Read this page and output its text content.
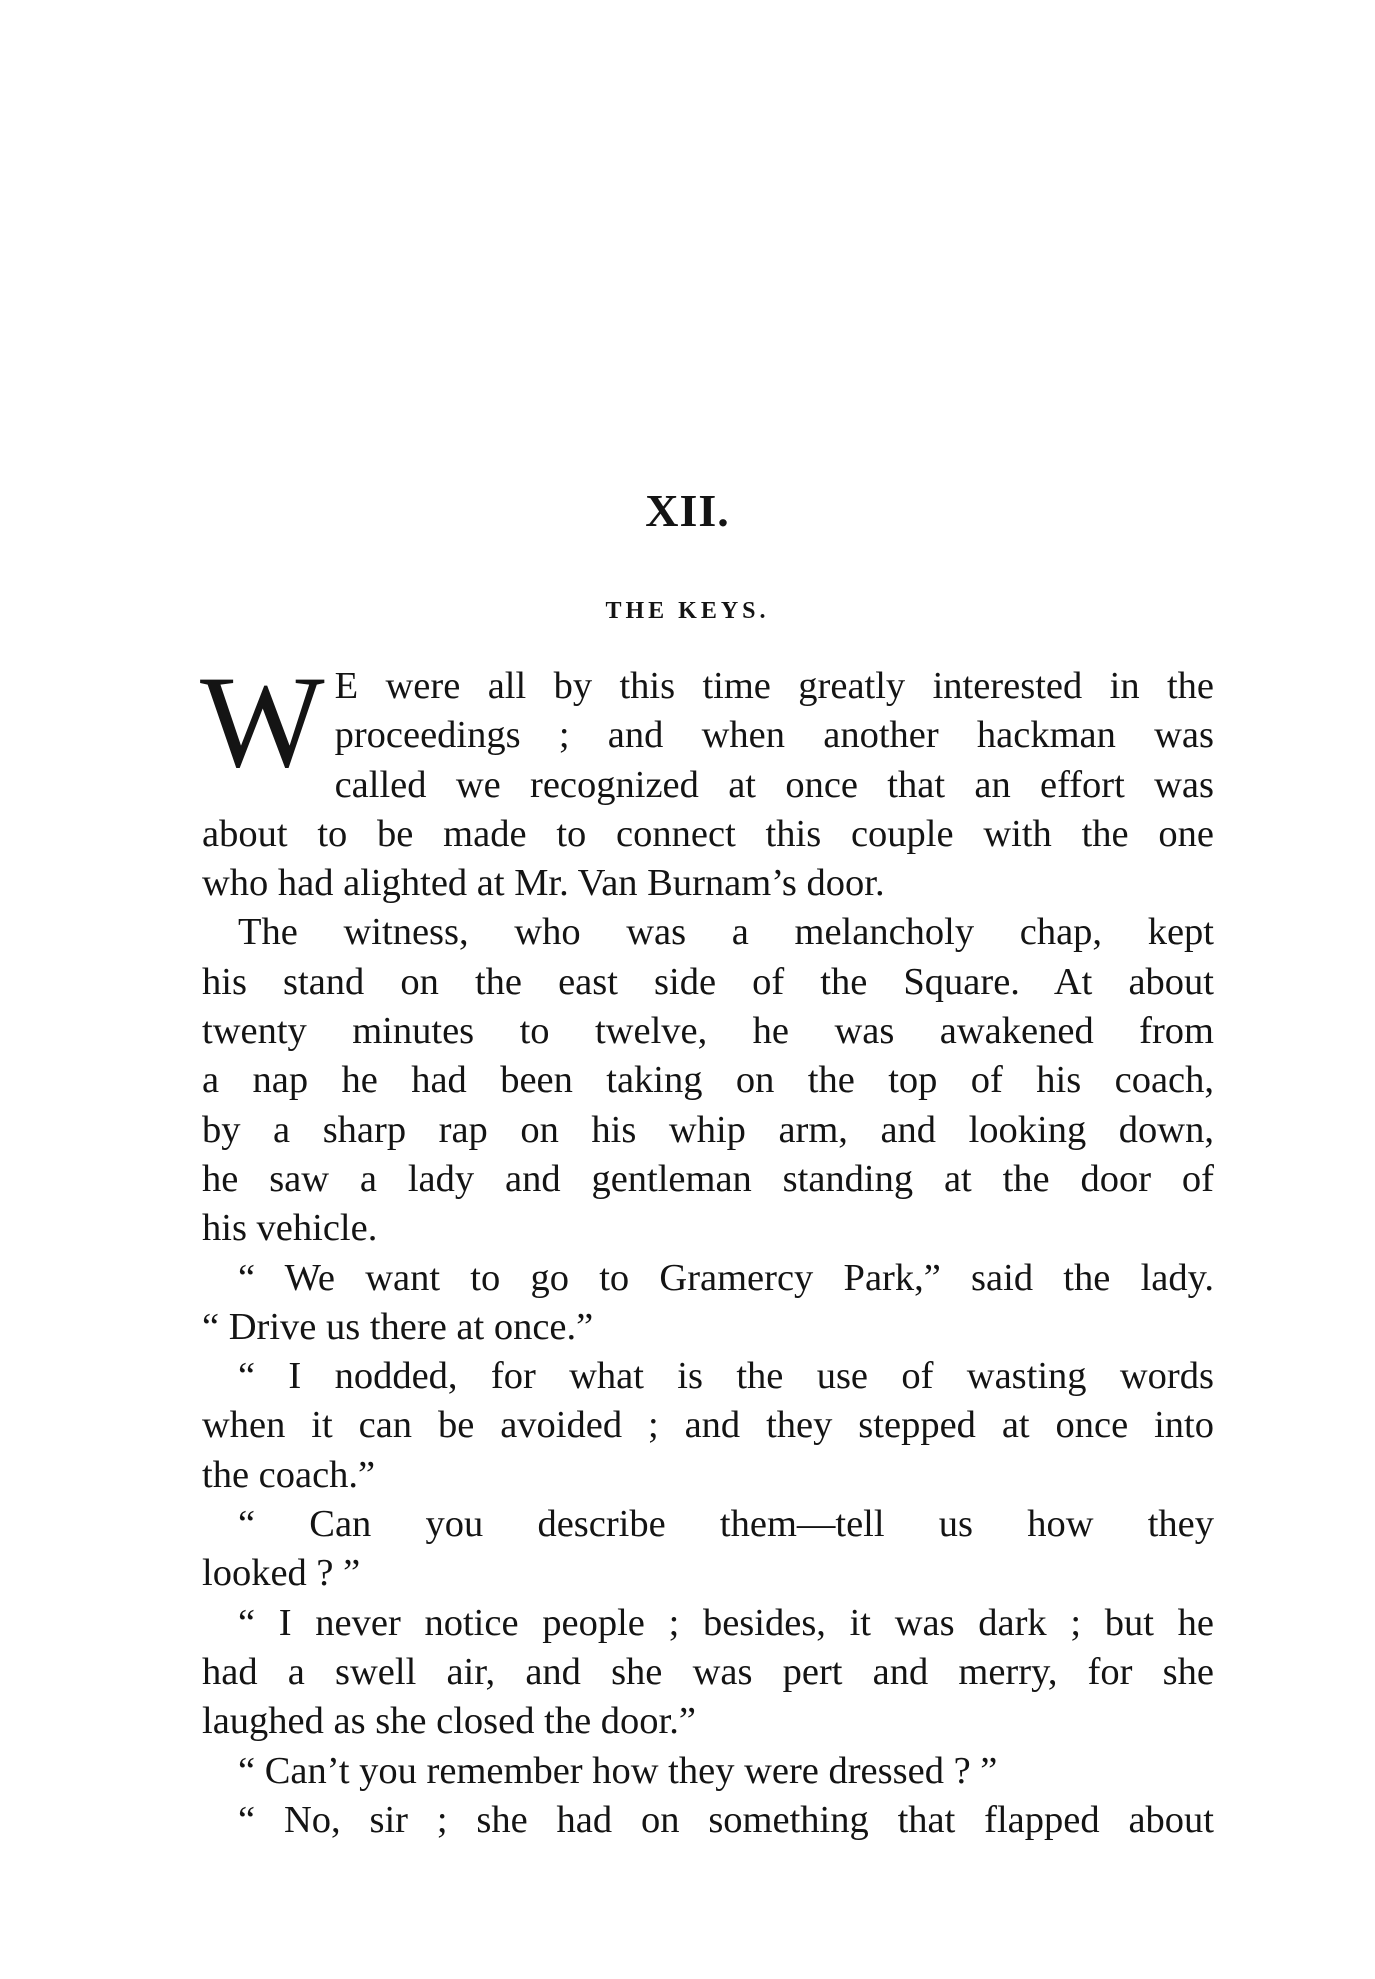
XII.
THE KEYS.

W E were all by this time greatly interested in the
proceedings ; and when another hackman was
called we recognized at once that an effort was
about to be made to connect this couple with the one
who had alighted at Mr. Van Burnam’s door.

The witness, who was a melancholy chap, kept
his stand on the east side of the Square. At about
twenty minutes to twelve, he was awakened from
a nap he had been taking on the top of his coach,
by a sharp rap on his whip arm, and looking down,
he saw a lady and gentleman standing at the door of
his vehicle.

“ We want to go to Gramercy Park,” said the lady.
“ Drive us there at once.”

“ I nodded, for what is the use of wasting words
when it can be avoided ; and they stepped at once into
the coach.”

“ Can you describe them—tell us how they
looked ? ”

“ I never notice people ; besides, it was dark ; but he
had a swell air, and she was pert and merry, for she
laughed as she closed the door.”

“ Can’t you remember how they were dressed ? ”

“ No, sir ; she had on something that flapped about
